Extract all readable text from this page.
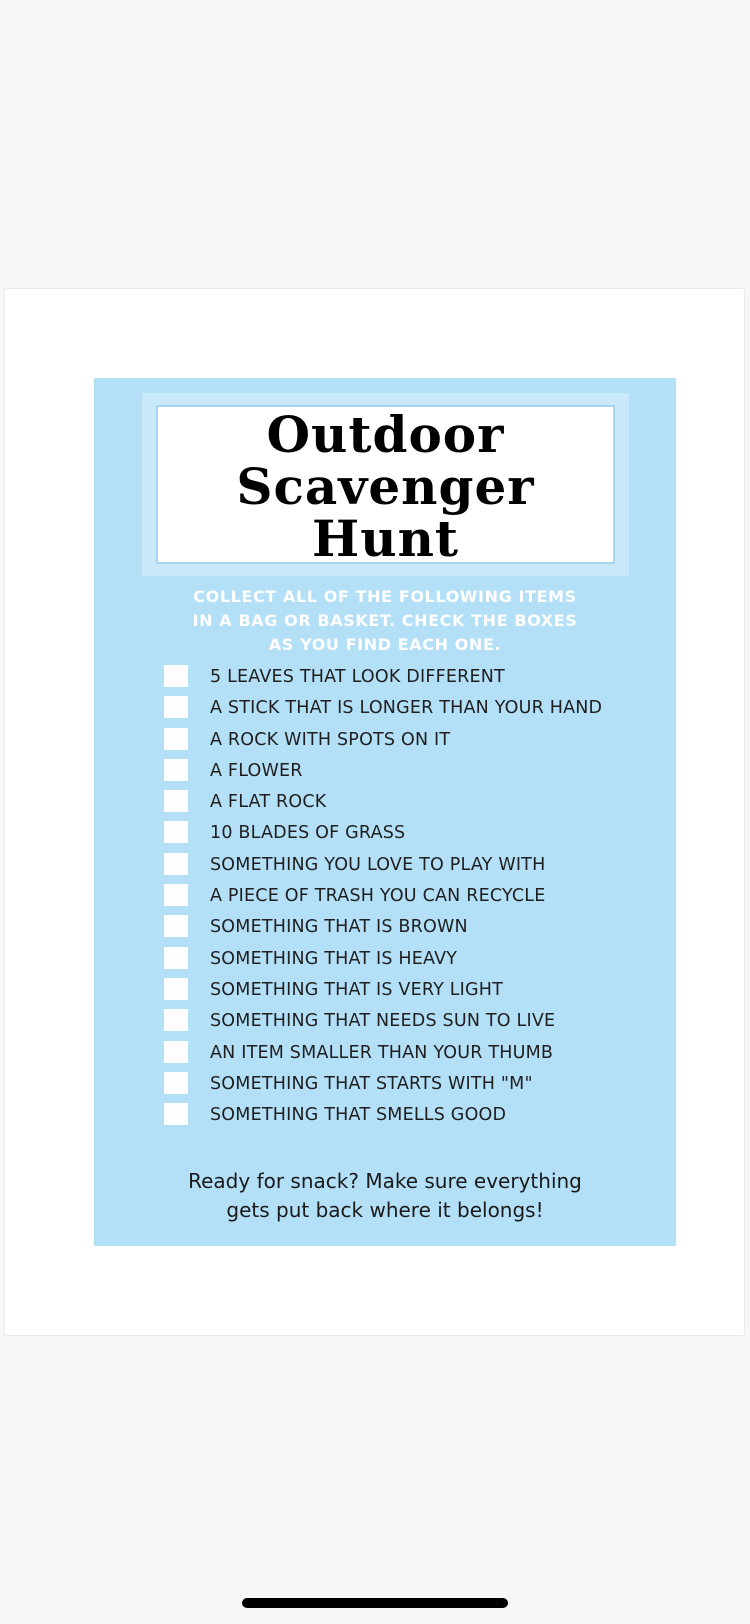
Outdoor
Scavenger
Hunt
COLLECT ALL OF THE FOLLOWING ITEMS
IN A BAG OR BASKET. CHECK THE BOXES
AS YOU FIND EACH ONE.
5 LEAVES THAT LOOK DIFFERENT
A STICK THAT IS LONGER THAN YOUR HAND
A ROCK WITH SPOTS ON IT
A FLOWER
A FLAT ROCK
10 BLADES OF GRASS
SOMETHING YOU LOVE TO PLAY WITH
A PIECE OF TRASH YOU CAN RECYCLE
SOMETHING THAT IS BROWN
SOMETHING THAT IS HEAVY
SOMETHING THAT IS VERY LIGHT
SOMETHING THAT NEEDS SUN TO LIVE
AN ITEM SMALLER THAN YOUR THUMB
SOMETHING THAT STARTS WITH "M"
SOMETHING THAT SMELLS GOOD
Ready for snack? Make sure everything
gets put back where it belongs!
